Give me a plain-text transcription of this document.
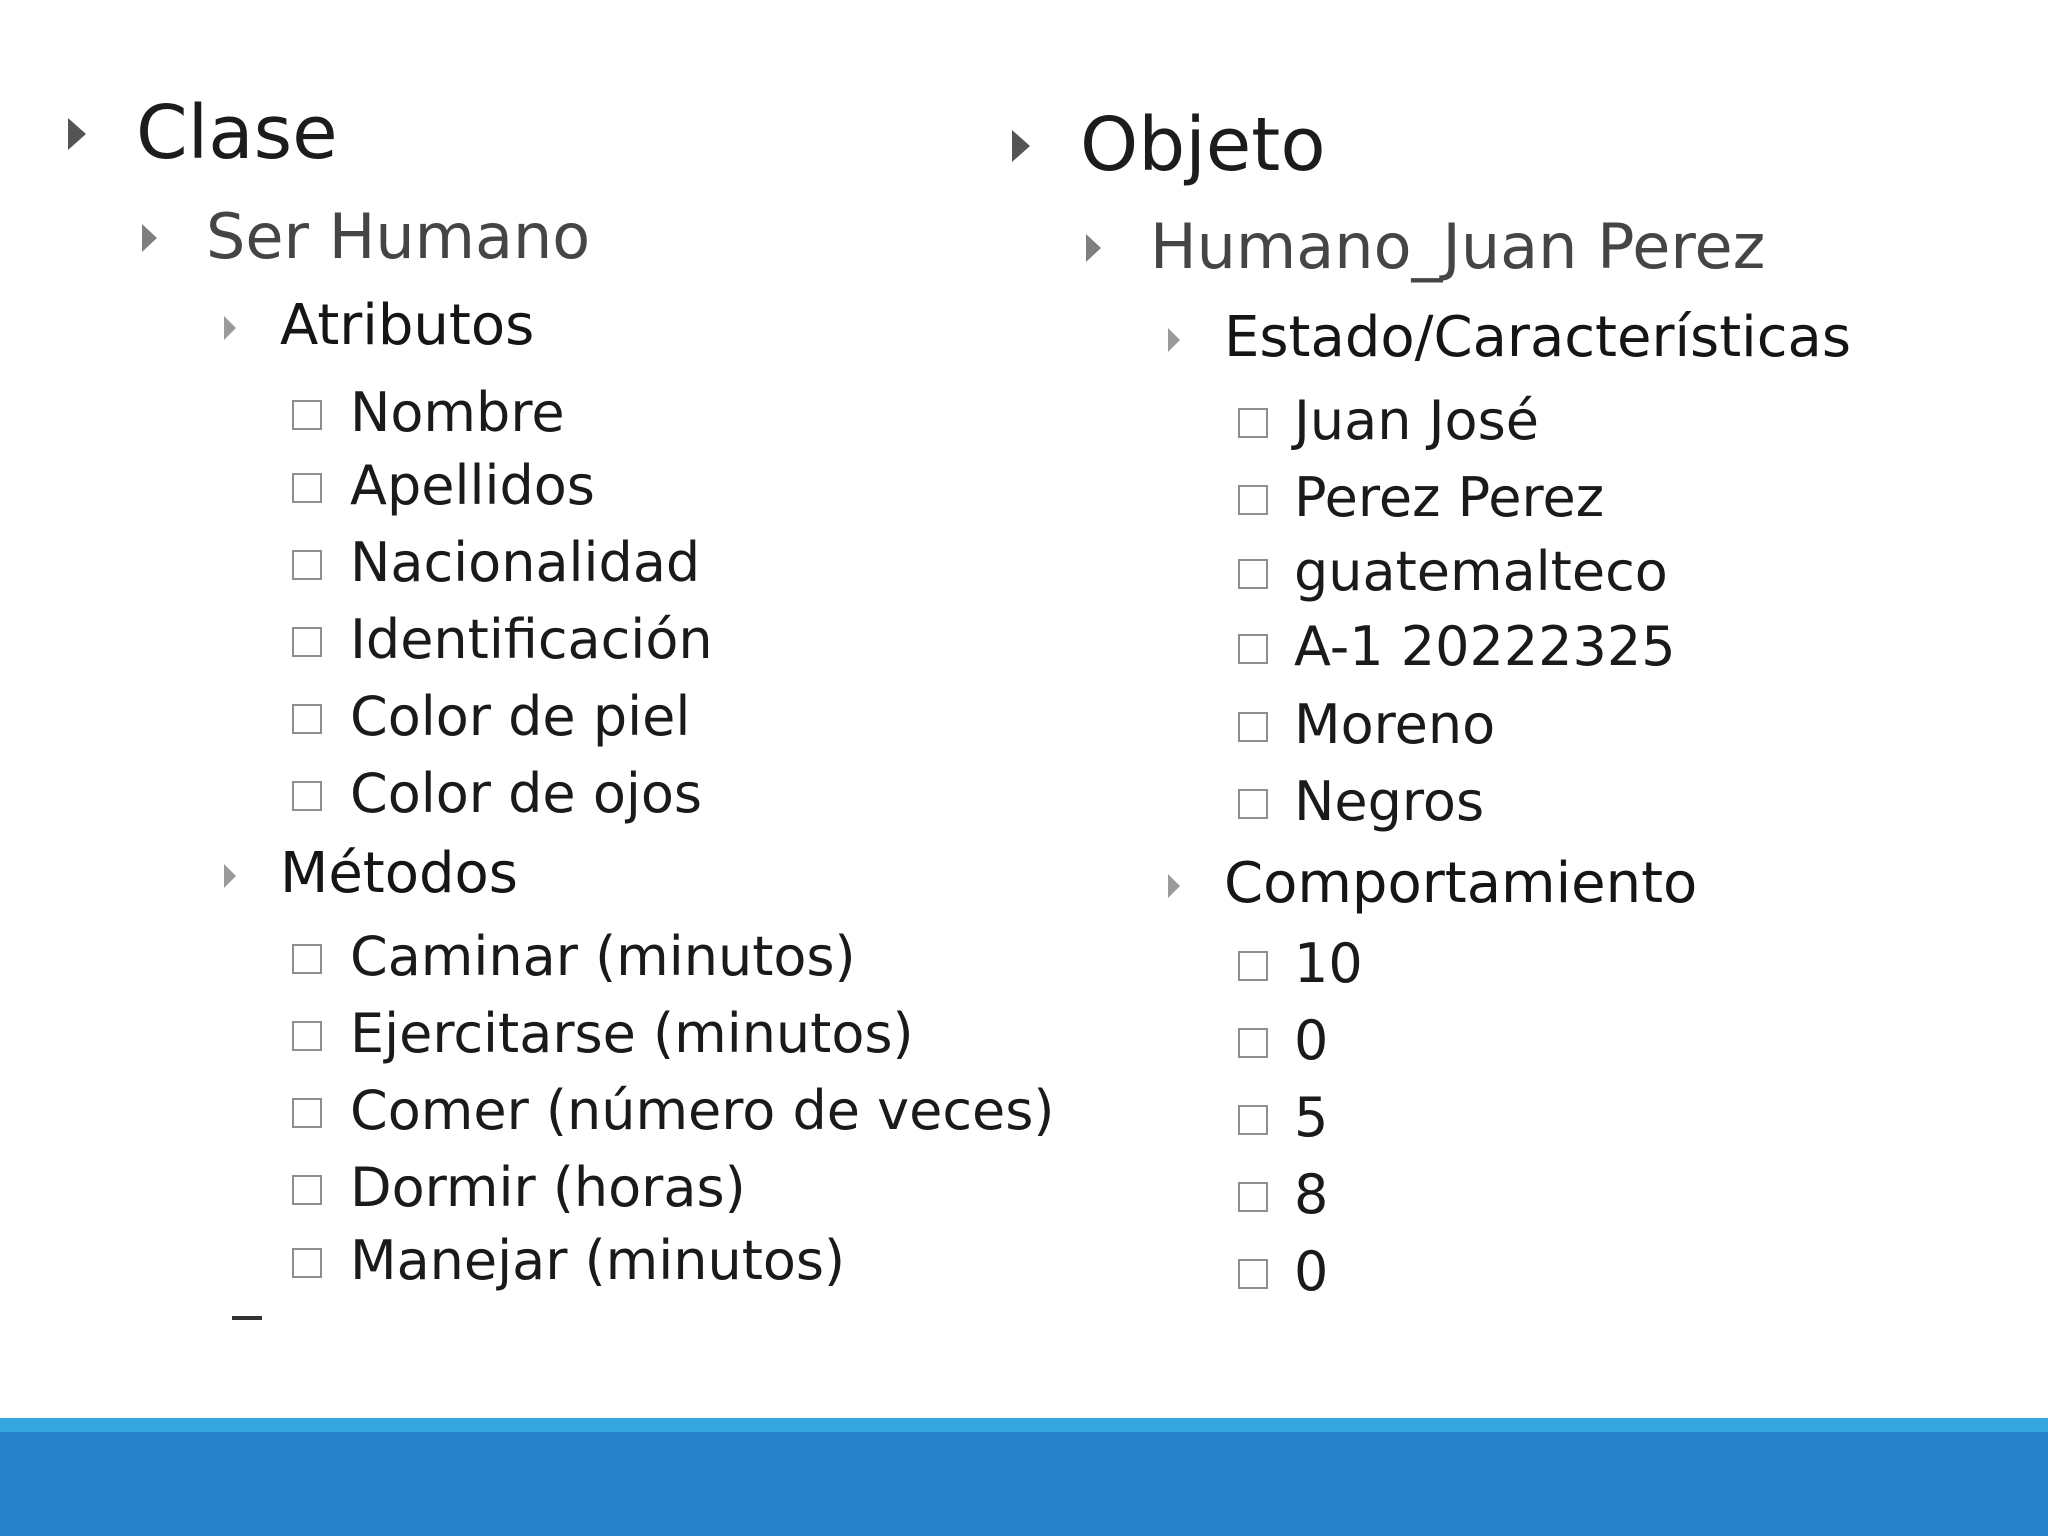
Clase
Ser Humano
Atributos
Nombre
Apellidos
Nacionalidad
Identificación
Color de piel
Color de ojos
Métodos
Caminar (minutos)
Ejercitarse (minutos)
Comer (número de veces)
Dormir (horas)
Manejar (minutos)
Objeto
Humano_Juan Perez
Estado/Características
Juan José
Perez Perez
guatemalteco
A-1 20222325
Moreno
Negros
Comportamiento
10
0
5
8
0
